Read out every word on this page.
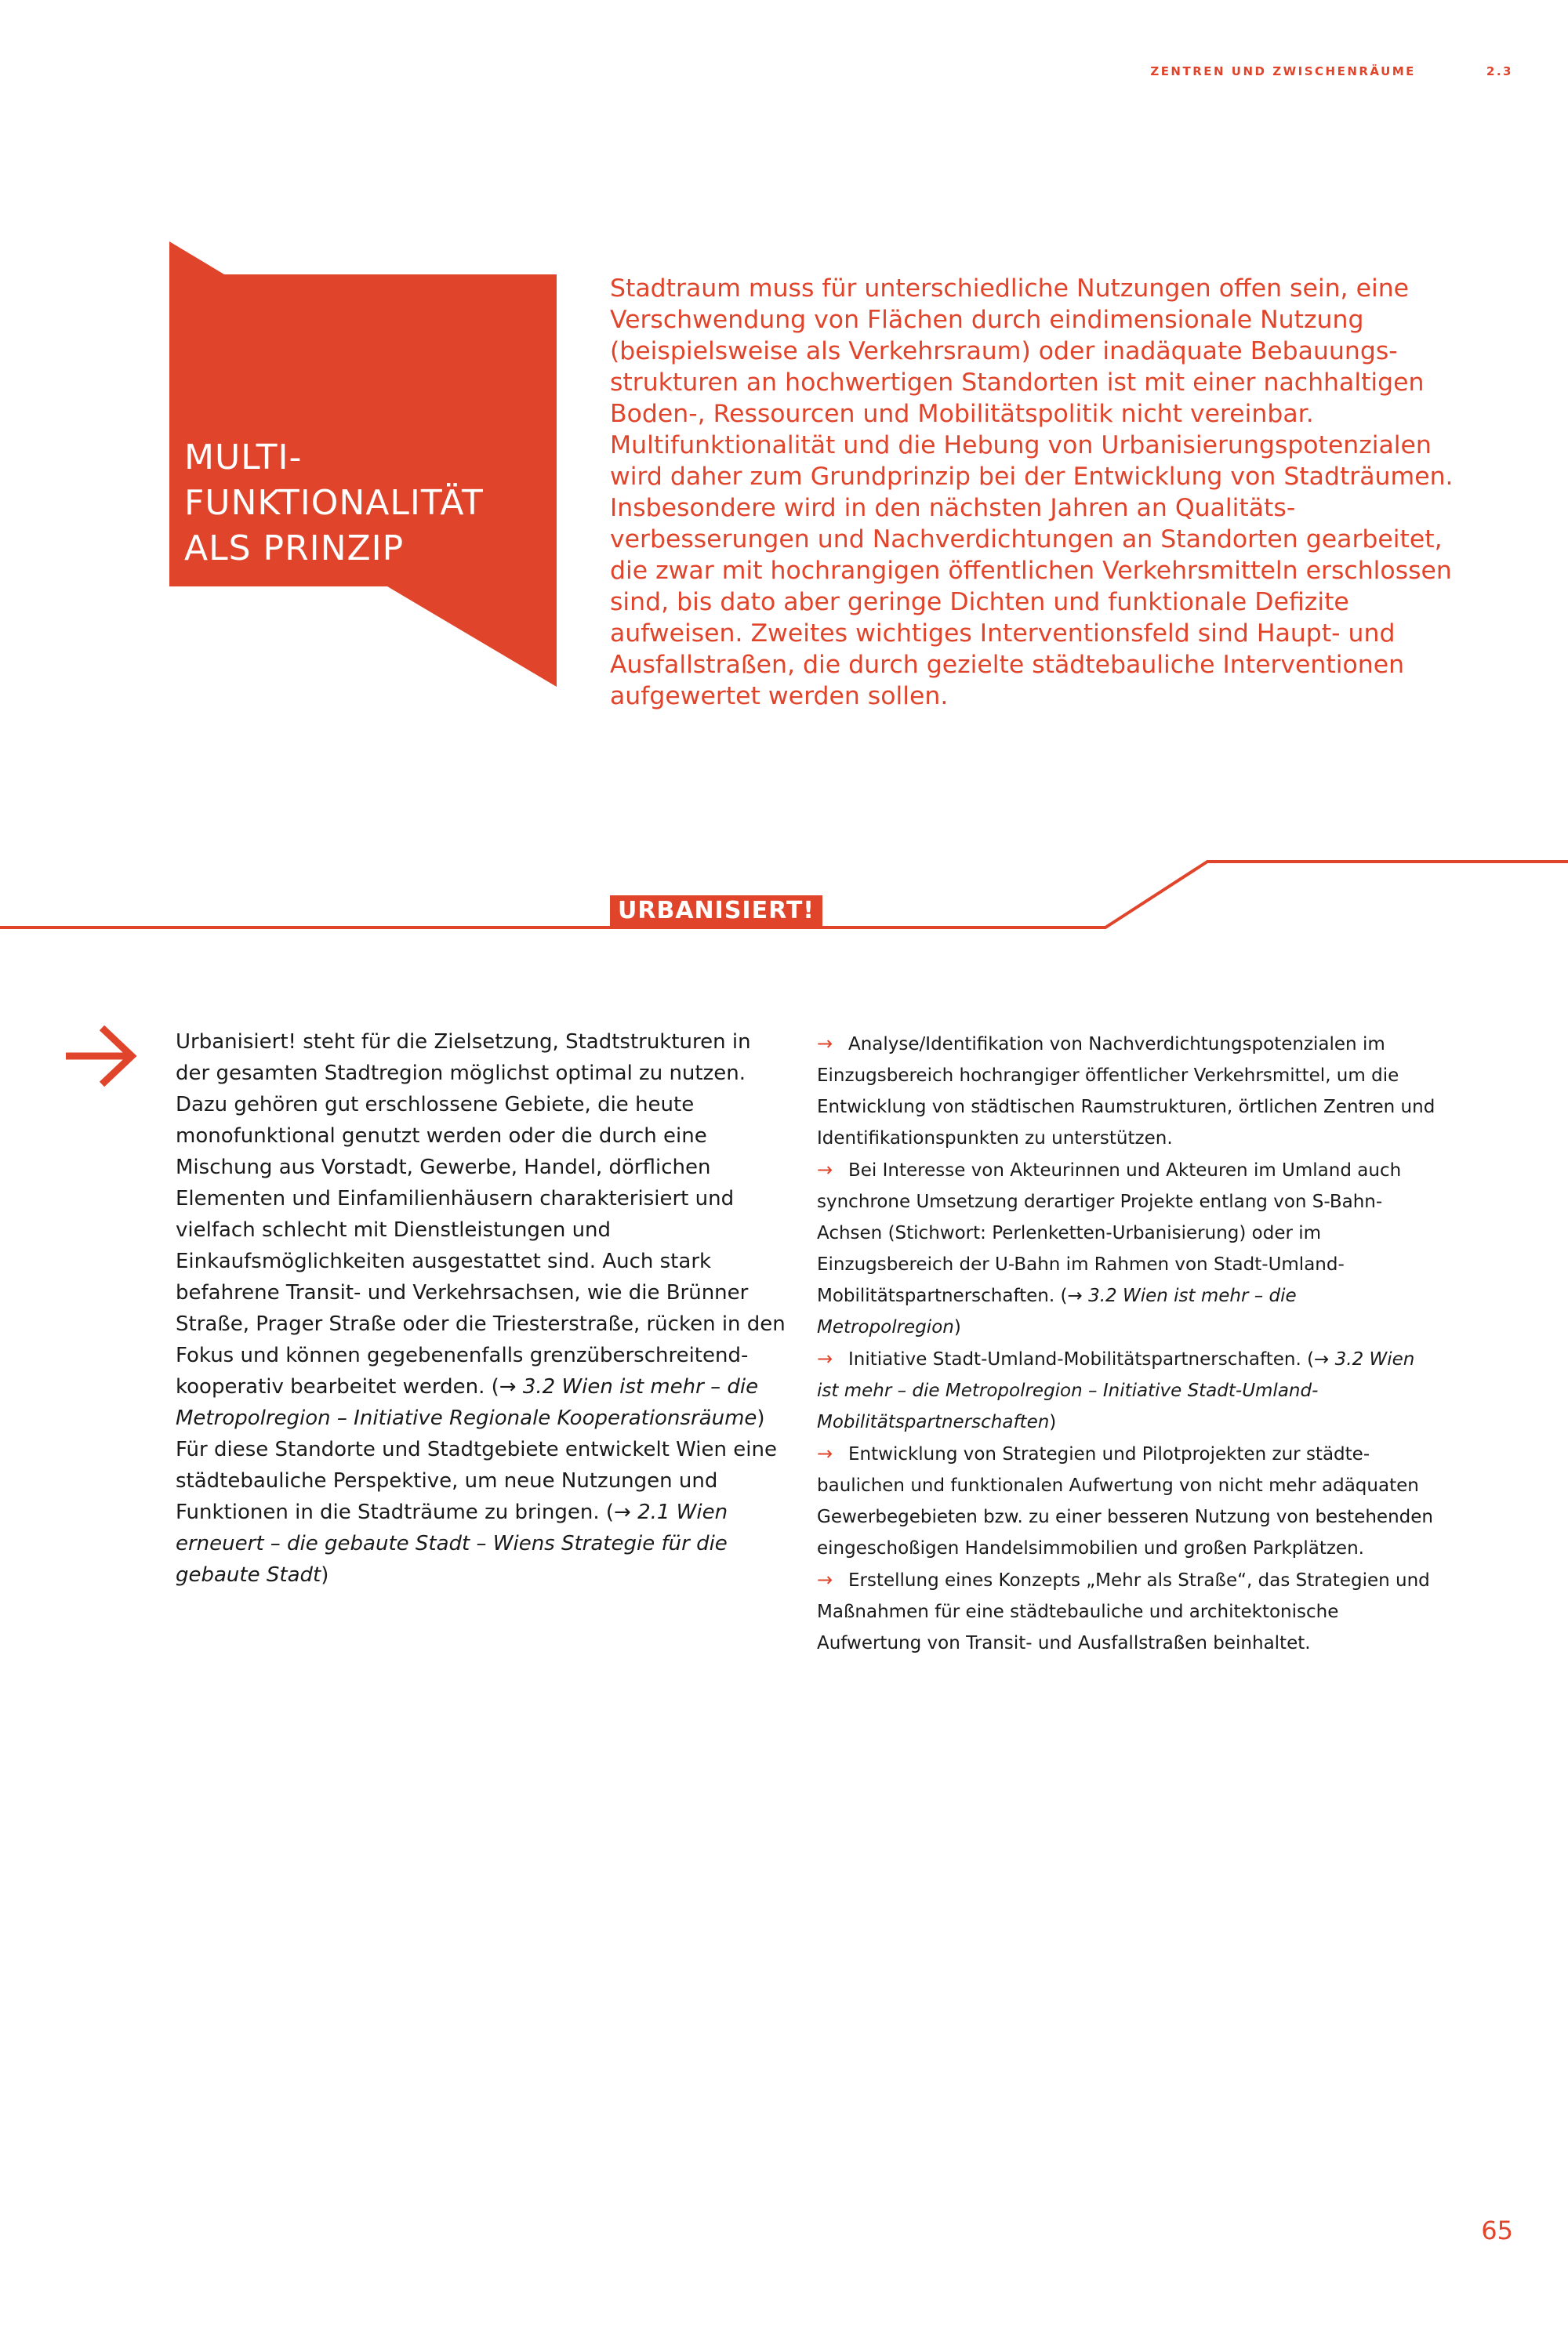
ZENTREN UND ZWISCHENRÄUME	2.3
MULTI-
FUNKTIONALITÄT
ALS PRINZIP
Stadtraum muss für unterschiedliche Nutzungen offen sein, eine Verschwendung von Flächen durch eindimensionale Nutzung (beispielsweise als Verkehrsraum) oder inadäquate Bebauungsstrukturen an hochwertigen Standorten ist mit einer nachhaltigen Boden-, Ressourcen und Mobilitätspolitik nicht vereinbar. Multifunktionalität und die Hebung von Urbanisierungspotenzialen wird daher zum Grundprinzip bei der Entwicklung von Stadträumen. Insbesondere wird in den nächsten Jahren an Qualitätsverbesserungen und Nachverdichtungen an Standorten gearbeitet, die zwar mit hochrangigen öffentlichen Verkehrsmitteln erschlossen sind, bis dato aber geringe Dichten und funktionale Defizite aufweisen. Zweites wichtiges Interventionsfeld sind Haupt- und Ausfallstraßen, die durch gezielte städtebauliche Interventionen aufgewertet werden sollen.
URBANISIERT!
Urbanisiert! steht für die Zielsetzung, Stadtstrukturen in der gesamten Stadtregion möglichst optimal zu nutzen. Dazu gehören gut erschlossene Gebiete, die heute monofunktional genutzt werden oder die durch eine Mischung aus Vorstadt, Gewerbe, Handel, dörflichen Elementen und Einfamilienhäusern charakterisiert und vielfach schlecht mit Dienstleistungen und Einkaufsmöglichkeiten ausgestattet sind. Auch stark befahrene Transit- und Verkehrsachsen, wie die Brünner Straße, Prager Straße oder die Triesterstraße, rücken in den Fokus und können gegebenenfalls grenzüberschreitend-kooperativ bearbeitet werden. (→ 3.2 Wien ist mehr – die Metropolregion – Initiative Regionale Kooperationsräume) Für diese Standorte und Stadtgebiete entwickelt Wien eine städtebauliche Perspektive, um neue Nutzungen und Funktionen in die Stadträume zu bringen. (→ 2.1 Wien erneuert – die gebaute Stadt – Wiens Strategie für die gebaute Stadt)
→ Analyse/Identifikation von Nachverdichtungspotenzialen im Einzugsbereich hochrangiger öffentlicher Verkehrsmittel, um die Entwicklung von städtischen Raumstrukturen, örtlichen Zentren und Identifikationspunkten zu unterstützen.
→ Bei Interesse von Akteurinnen und Akteuren im Umland auch synchrone Umsetzung derartiger Projekte entlang von S-Bahn-Achsen (Stichwort: Perlenketten-Urbanisierung) oder im Einzugsbereich der U-Bahn im Rahmen von Stadt-Umland-Mobilitätspartnerschaften. (→ 3.2 Wien ist mehr – die Metropolregion)
→ Initiative Stadt-Umland-Mobilitätspartnerschaften. (→ 3.2 Wien ist mehr – die Metropolregion – Initiative Stadt-Umland-Mobilitätspartnerschaften)
→ Entwicklung von Strategien und Pilotprojekten zur städtebaulichen und funktionalen Aufwertung von nicht mehr adäquaten Gewerbegebieten bzw. zu einer besseren Nutzung von bestehenden eingeschoßigen Handelsimmobilien und großen Parkplätzen.
→ Erstellung eines Konzepts „Mehr als Straße“, das Strategien und Maßnahmen für eine städtebauliche und architektonische Aufwertung von Transit- und Ausfallstraßen beinhaltet.
65
